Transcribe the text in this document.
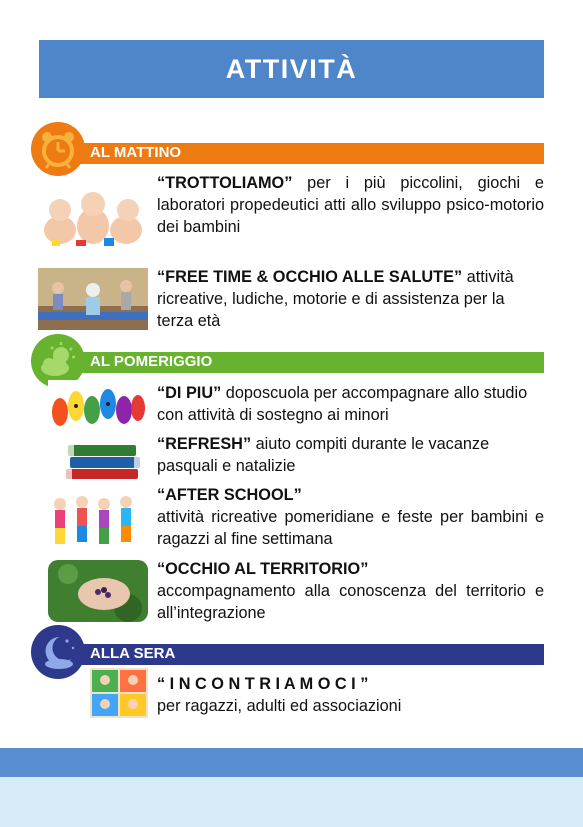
ATTIVITÀ
AL MATTINO
“TROTTOLIAMO” per i più piccolini, giochi e laboratori propedeutici atti allo sviluppo psico-motorio dei bambini
“FREE TIME & OCCHIO ALLE SALUTE” attività ricreative, ludiche, motorie e di assistenza per la terza età
AL POMERIGGIO
“DI PIU” doposcuola per accompagnare allo studio con attività di sostegno ai minori
“REFRESH” aiuto compiti durante le vacanze pasquali e natalizie
“AFTER SCHOOL”
attività ricreative pomeridiane e feste per bambini e ragazzi al fine settimana
“OCCHIO AL TERRITORIO”
accompagnamento alla conoscenza del territorio e all’integrazione
ALLA SERA
“ I N C O N T R I A M O C I ”
per ragazzi, adulti ed associazioni
